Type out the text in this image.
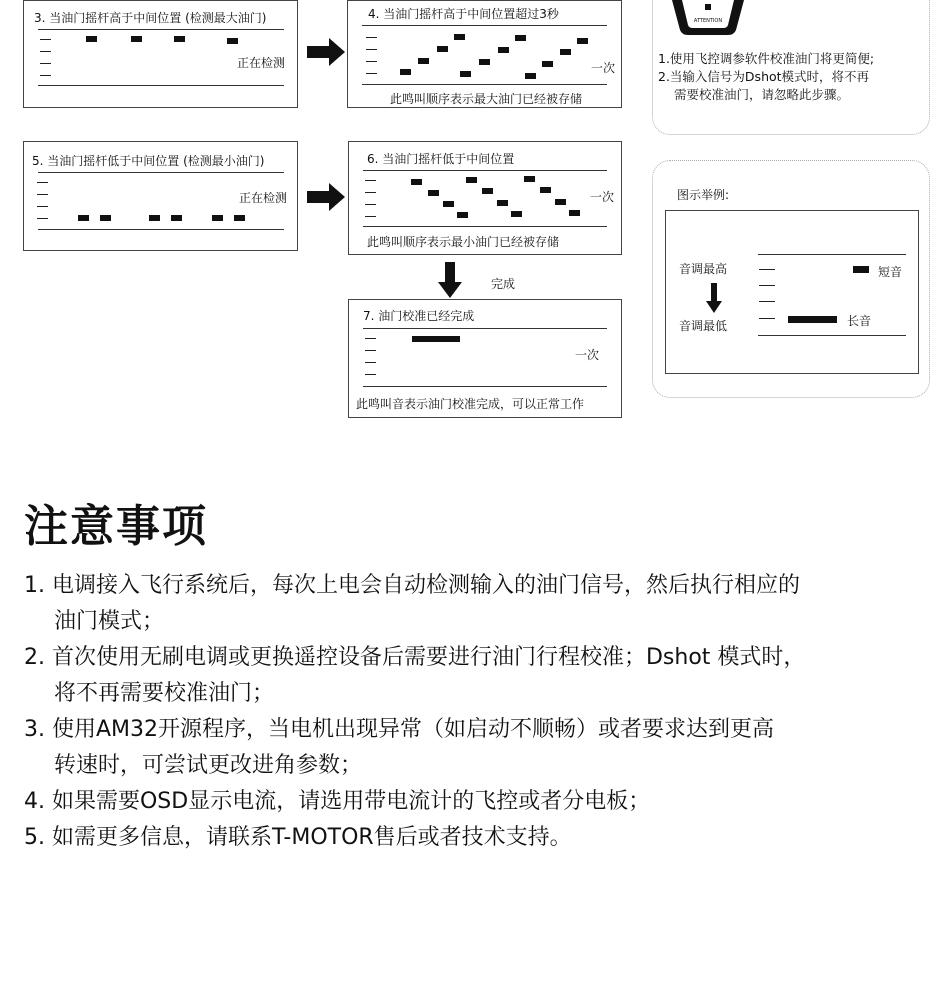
3. 当油门摇杆高于中间位置 (检测最大油门)
正在检测
4. 当油门摇杆高于中间位置超过3秒
一次
此鸣叫顺序表示最大油门已经被存储
ATTENTION
1.使用飞控调参软件校准油门将更简便;
2.当输入信号为Dshot模式时，将不再
需要校准油门，请忽略此步骤。
5. 当油门摇杆低于中间位置 (检测最小油门)
正在检测
6. 当油门摇杆低于中间位置
一次
此鸣叫顺序表示最小油门已经被存储
完成
7. 油门校准已经完成
一次
此鸣叫音表示油门校准完成，可以正常工作
图示举例:
音调最高
音调最低
短音
长音
注意事项
1. 电调接入飞行系统后，每次上电会自动检测输入的油门信号，然后执行相应的
油门模式；
2. 首次使用无刷电调或更换遥控设备后需要进行油门行程校准；Dshot 模式时，
将不再需要校准油门；
3. 使用AM32开源程序，当电机出现异常（如启动不顺畅）或者要求达到更高
转速时，可尝试更改进角参数；
4. 如果需要OSD显示电流，请选用带电流计的飞控或者分电板；
5. 如需更多信息，请联系T-MOTOR售后或者技术支持。
